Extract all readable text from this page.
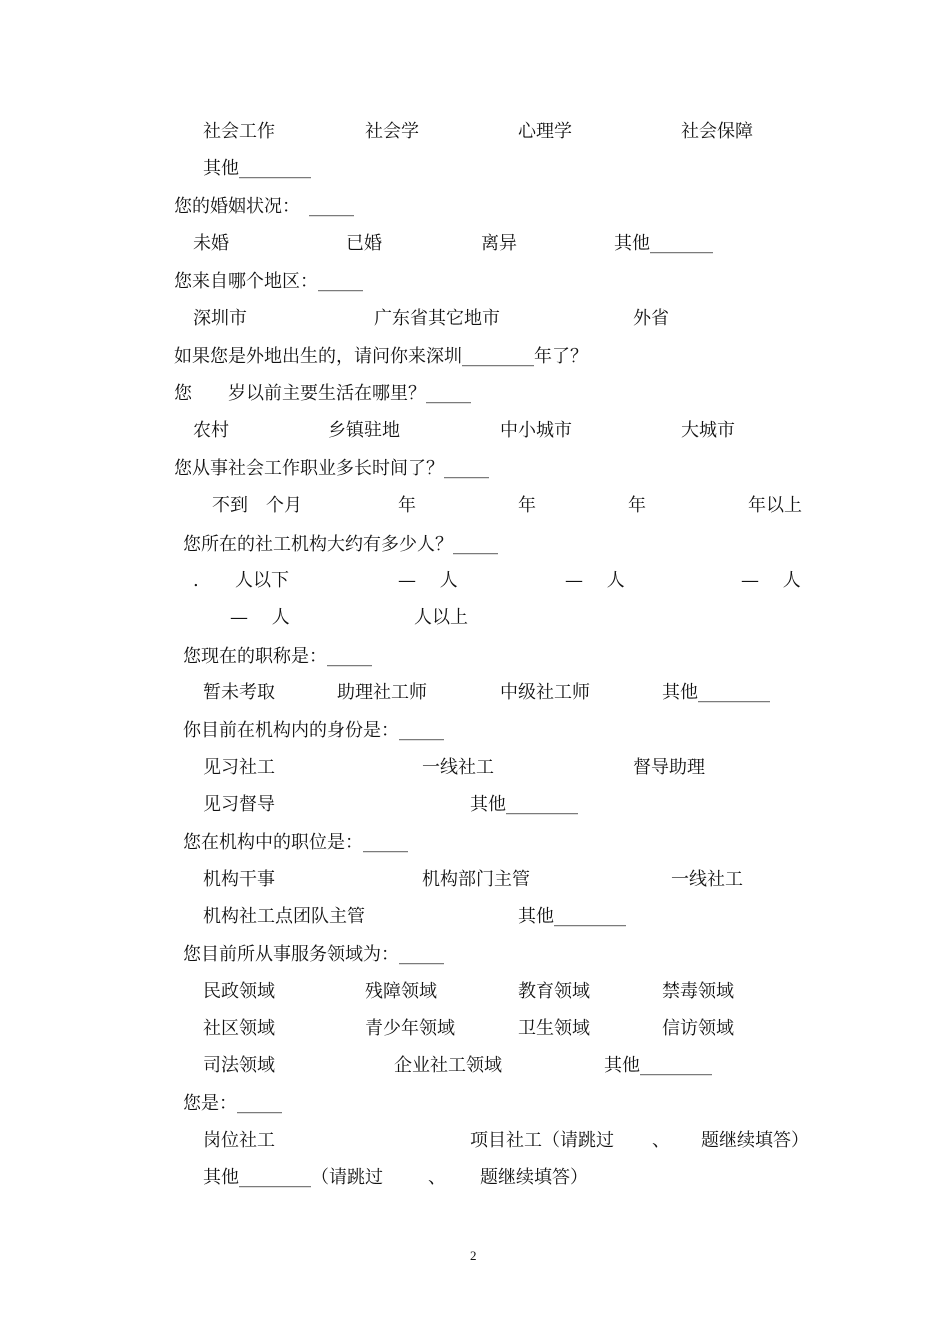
社会工作	社会学	心理学	社会保障
其他________
您的婚姻状况：　_____
未婚	已婚	离异	其他_______
您来自哪个地区：_____
深圳市	广东省其它地市	外省
如果您是外地出生的，请问你来深圳________年了？
您　　岁以前主要生活在哪里？_____
农村	乡镇驻地	中小城市	大城市
您从事社会工作职业多长时间了？_____
不到　个月	年	年	年	年以上
您所在的社工机构大约有多少人？_____
. 人以下	—　 人	—　 人	—　 人
—　 人	人以上
您现在的职称是：_____
暂未考取	助理社工师	中级社工师	其他________
你目前在机构内的身份是：_____
见习社工	一线社工	督导助理
见习督导	其他________
您在机构中的职位是：_____
机构干事	机构部门主管	一线社工
机构社工点团队主管	其他________
您目前所从事服务领域为：_____
民政领域	残障领域	教育领域	禁毒领域
社区领域	青少年领域	卫生领域	信访领域
司法领域	企业社工领域	其他________
您是：_____
岗位社工	项目社工（请跳过 、 题继续填答）
其他________（请跳过	、 题继续填答）
2
